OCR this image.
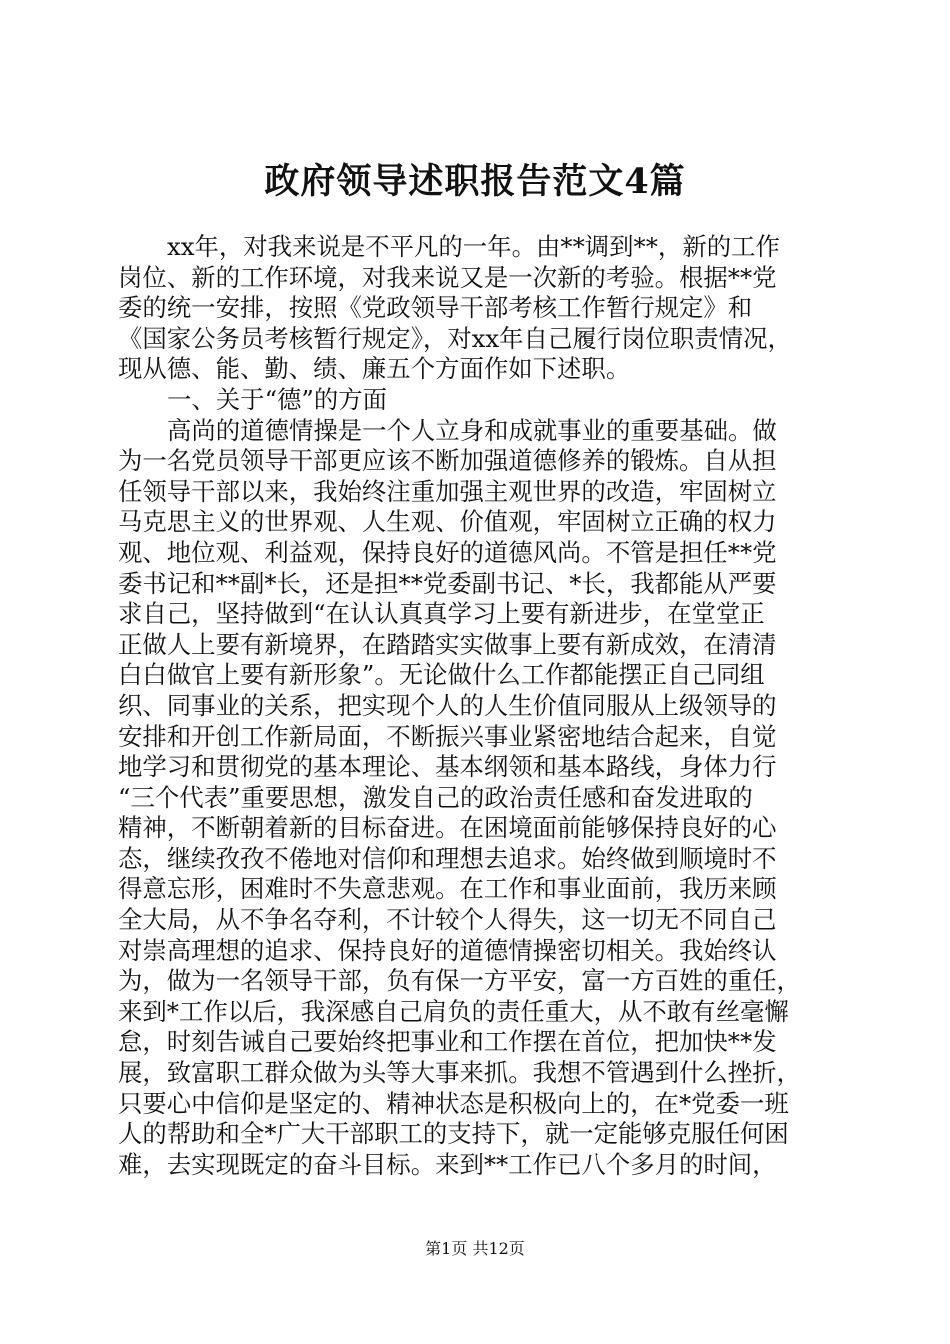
政府领导述职报告范文4篇
xx年，对我来说是不平凡的一年。由**调到**，新的工作
岗位、新的工作环境，对我来说又是一次新的考验。根据**党
委的统一安排，按照《党政领导干部考核工作暂行规定》和
《国家公务员考核暂行规定》，对xx年自己履行岗位职责情况，
现从德、能、勤、绩、廉五个方面作如下述职。
一、关于“德”的方面
高尚的道德情操是一个人立身和成就事业的重要基础。做
为一名党员领导干部更应该不断加强道德修养的锻炼。自从担
任领导干部以来，我始终注重加强主观世界的改造，牢固树立
马克思主义的世界观、人生观、价值观，牢固树立正确的权力
观、地位观、利益观，保持良好的道德风尚。不管是担任**党
委书记和**副*长，还是担**党委副书记、*长，我都能从严要
求自己，坚持做到“在认认真真学习上要有新进步，在堂堂正
正做人上要有新境界，在踏踏实实做事上要有新成效，在清清
白白做官上要有新形象”。无论做什么工作都能摆正自己同组
织、同事业的关系，把实现个人的人生价值同服从上级领导的
安排和开创工作新局面，不断振兴事业紧密地结合起来，自觉
地学习和贯彻党的基本理论、基本纲领和基本路线，身体力行
“三个代表”重要思想，激发自己的政治责任感和奋发进取的
精神，不断朝着新的目标奋进。在困境面前能够保持良好的心
态，继续孜孜不倦地对信仰和理想去追求。始终做到顺境时不
得意忘形，困难时不失意悲观。在工作和事业面前，我历来顾
全大局，从不争名夺利，不计较个人得失，这一切无不同自己
对崇高理想的追求、保持良好的道德情操密切相关。我始终认
为，做为一名领导干部，负有保一方平安，富一方百姓的重任，
来到*工作以后，我深感自己肩负的责任重大，从不敢有丝毫懈
怠，时刻告诫自己要始终把事业和工作摆在首位，把加快**发
展，致富职工群众做为头等大事来抓。我想不管遇到什么挫折，
只要心中信仰是坚定的、精神状态是积极向上的，在*党委一班
人的帮助和全*广大干部职工的支持下，就一定能够克服任何困
难，去实现既定的奋斗目标。来到**工作已八个多月的时间，
第1页 共12页
